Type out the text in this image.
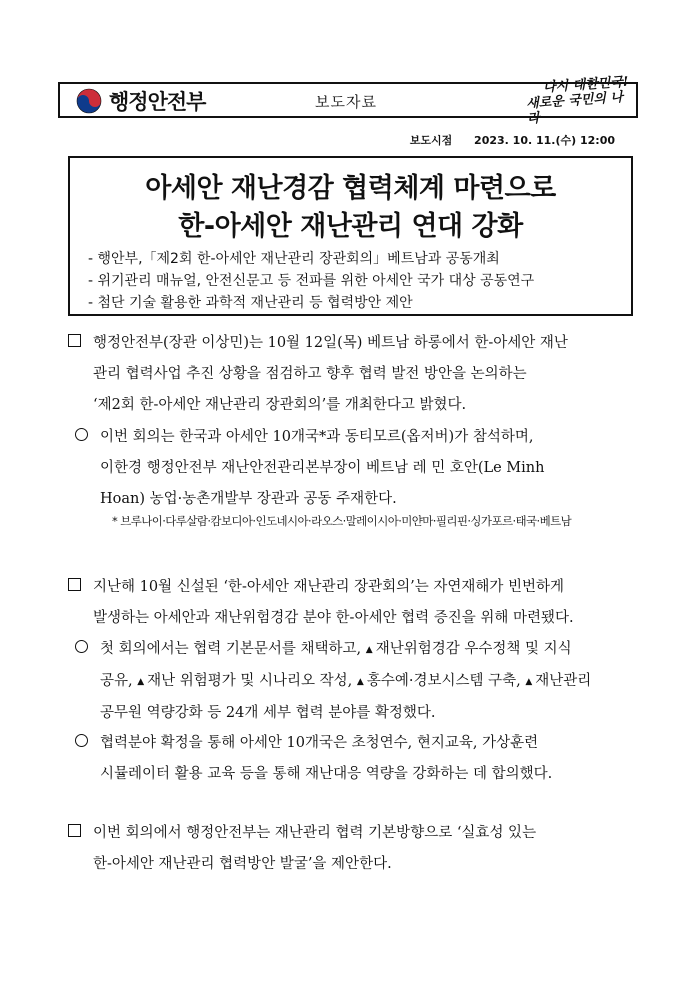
행정안전부	보도자료
다시 대한민국!
새로운 국민의 나라
보도시점 2023. 10. 11.(수) 12:00
아세안 재난경감 협력체계 마련으로
한-아세안 재난관리 연대 강화
- 행안부,「제2회 한-아세안 재난관리 장관회의」베트남과 공동개최
- 위기관리 매뉴얼, 안전신문고 등 전파를 위한 아세안 국가 대상 공동연구
- 첨단 기술 활용한 과학적 재난관리 등 협력방안 제안
행정안전부(장관 이상민)는 10월 12일(목) 베트남 하롱에서 한-아세안 재난
관리 협력사업 추진 상황을 점검하고 향후 협력 발전 방안을 논의하는
‘제2회 한-아세안 재난관리 장관회의’를 개최한다고 밝혔다.
이번 회의는 한국과 아세안 10개국*과 동티모르(옵저버)가 참석하며,
이한경 행정안전부 재난안전관리본부장이 베트남 레 민 호안(Le Minh
Hoan) 농업·농촌개발부 장관과 공동 주재한다.
* 브루나이·다루살람·캄보디아·인도네시아·라오스·말레이시아·미얀마·필리핀·싱가포르·태국·베트남
지난해 10월 신설된 ‘한-아세안 재난관리 장관회의’는 자연재해가 빈번하게
발생하는 아세안과 재난위험경감 분야 한-아세안 협력 증진을 위해 마련됐다.
첫 회의에서는 협력 기본문서를 채택하고, ▲ 재난위험경감 우수정책 및 지식
공유, ▲ 재난 위험평가 및 시나리오 작성, ▲ 홍수예·경보시스템 구축, ▲ 재난관리
공무원 역량강화 등 24개 세부 협력 분야를 확정했다.
협력분야 확정을 통해 아세안 10개국은 초청연수, 현지교육, 가상훈련
시뮬레이터 활용 교육 등을 통해 재난대응 역량을 강화하는 데 합의했다.
이번 회의에서 행정안전부는 재난관리 협력 기본방향으로 ‘실효성 있는
한-아세안 재난관리 협력방안 발굴’을 제안한다.
